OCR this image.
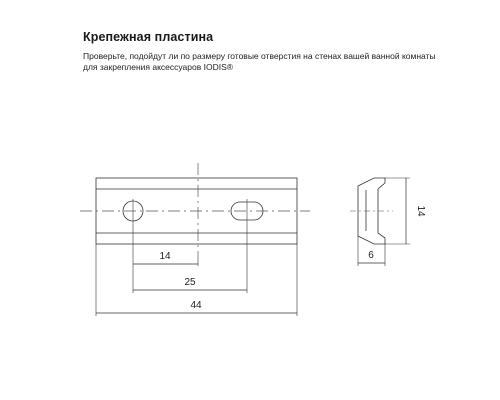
Крепежная пластина
Проверьте, подойдут ли по размеру готовые отверстия на стенах вашей ванной комнаты
для закрепления аксессуаров IODIS®
14
25
44
14
6
